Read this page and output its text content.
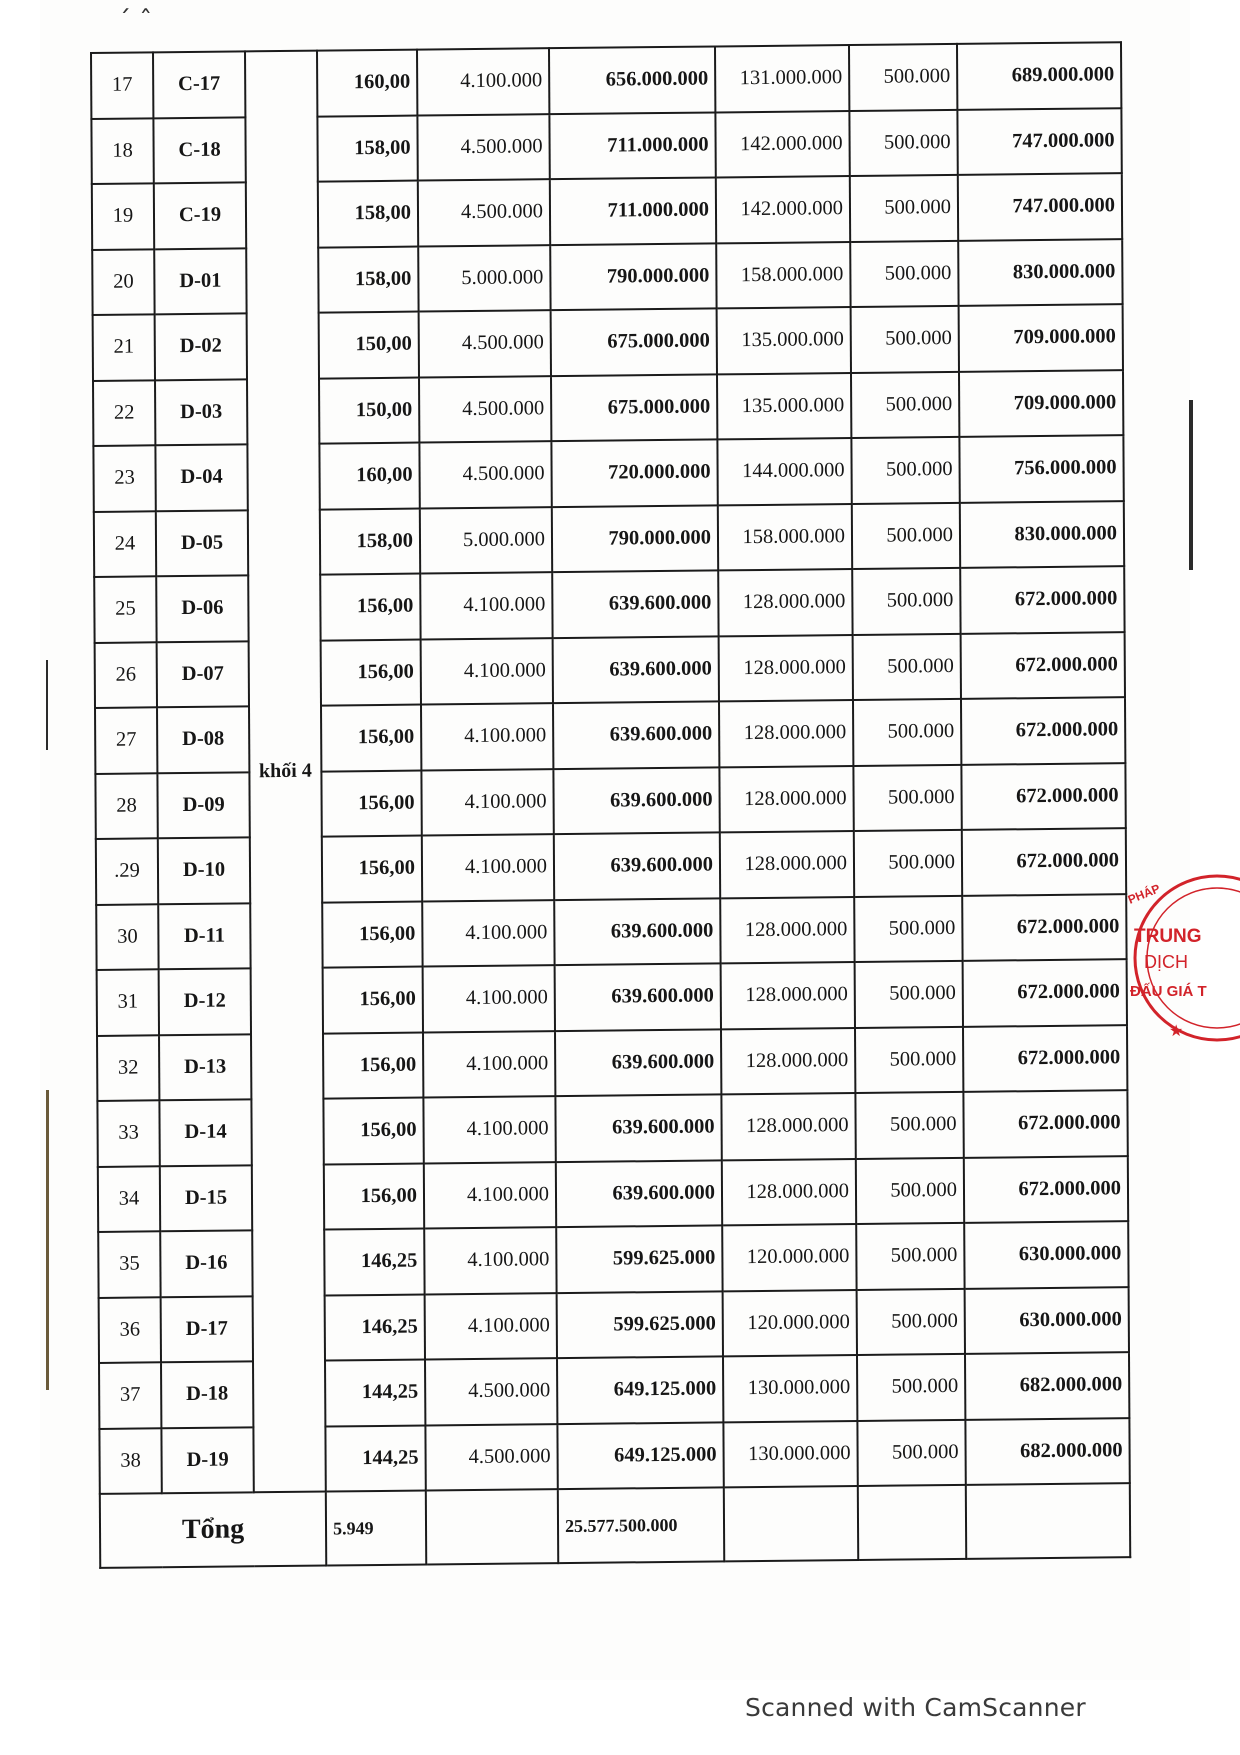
ˊ ˆ
17	C-17	khối 4	160,00	4.100.000	656.000.000	131.000.000	500.000	689.000.000
18	C-18		158,00	4.500.000	711.000.000	142.000.000	500.000	747.000.000
19	C-19		158,00	4.500.000	711.000.000	142.000.000	500.000	747.000.000
20	D-01		158,00	5.000.000	790.000.000	158.000.000	500.000	830.000.000
21	D-02		150,00	4.500.000	675.000.000	135.000.000	500.000	709.000.000
22	D-03		150,00	4.500.000	675.000.000	135.000.000	500.000	709.000.000
23	D-04		160,00	4.500.000	720.000.000	144.000.000	500.000	756.000.000
24	D-05		158,00	5.000.000	790.000.000	158.000.000	500.000	830.000.000
25	D-06		156,00	4.100.000	639.600.000	128.000.000	500.000	672.000.000
26	D-07		156,00	4.100.000	639.600.000	128.000.000	500.000	672.000.000
27	D-08		156,00	4.100.000	639.600.000	128.000.000	500.000	672.000.000
28	D-09		156,00	4.100.000	639.600.000	128.000.000	500.000	672.000.000
.29	D-10		156,00	4.100.000	639.600.000	128.000.000	500.000	672.000.000
30	D-11		156,00	4.100.000	639.600.000	128.000.000	500.000	672.000.000
31	D-12		156,00	4.100.000	639.600.000	128.000.000	500.000	672.000.000
32	D-13		156,00	4.100.000	639.600.000	128.000.000	500.000	672.000.000
33	D-14		156,00	4.100.000	639.600.000	128.000.000	500.000	672.000.000
34	D-15		156,00	4.100.000	639.600.000	128.000.000	500.000	672.000.000
35	D-16		146,25	4.100.000	599.625.000	120.000.000	500.000	630.000.000
36	D-17		146,25	4.100.000	599.625.000	120.000.000	500.000	630.000.000
37	D-18		144,25	4.500.000	649.125.000	130.000.000	500.000	682.000.000
38	D-19		144,25	4.500.000	649.125.000	130.000.000	500.000	682.000.000
Tổng			5.949		25.577.500.000			
PHÁP
TRUNG
DỊCH
ĐẤU GIÁ T
★
Scanned with CamScanner
